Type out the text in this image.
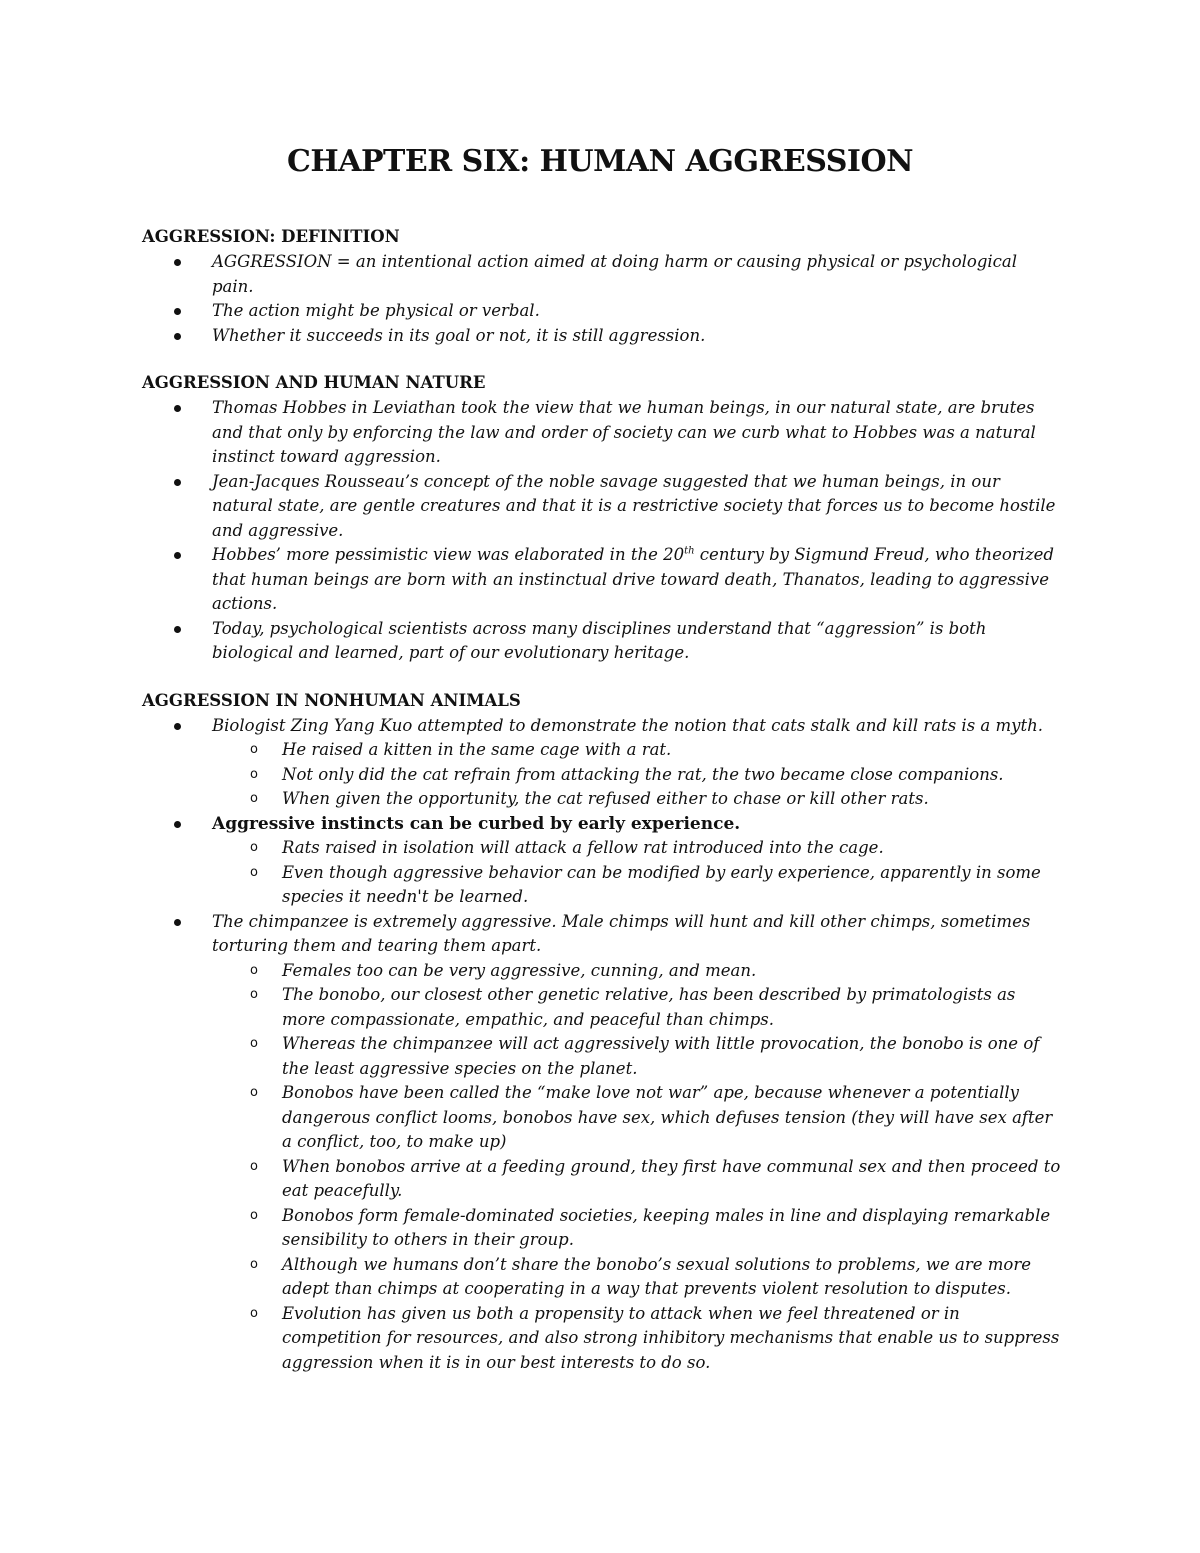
CHAPTER SIX: HUMAN AGGRESSION
AGGRESSION: DEFINITION
AGGRESSION = an intentional action aimed at doing harm or causing physical or psychological pain.
The action might be physical or verbal.
Whether it succeeds in its goal or not, it is still aggression.
AGGRESSION AND HUMAN NATURE
Thomas Hobbes in Leviathan took the view that we human beings, in our natural state, are brutes and that only by enforcing the law and order of society can we curb what to Hobbes was a natural instinct toward aggression.
Jean-Jacques Rousseau’s concept of the noble savage suggested that we human beings, in our natural state, are gentle creatures and that it is a restrictive society that forces us to become hostile and aggressive.
Hobbes’ more pessimistic view was elaborated in the 20th century by Sigmund Freud, who theorized that human beings are born with an instinctual drive toward death, Thanatos, leading to aggressive actions.
Today, psychological scientists across many disciplines understand that “aggression” is both biological and learned, part of our evolutionary heritage.
AGGRESSION IN NONHUMAN ANIMALS
Biologist Zing Yang Kuo attempted to demonstrate the notion that cats stalk and kill rats is a myth.
o He raised a kitten in the same cage with a rat.
o Not only did the cat refrain from attacking the rat, the two became close companions.
o When given the opportunity, the cat refused either to chase or kill other rats.
Aggressive instincts can be curbed by early experience.
o Rats raised in isolation will attack a fellow rat introduced into the cage.
o Even though aggressive behavior can be modified by early experience, apparently in some species it needn't be learned.
The chimpanzee is extremely aggressive. Male chimps will hunt and kill other chimps, sometimes torturing them and tearing them apart.
o Females too can be very aggressive, cunning, and mean.
o The bonobo, our closest other genetic relative, has been described by primatologists as more compassionate, empathic, and peaceful than chimps.
o Whereas the chimpanzee will act aggressively with little provocation, the bonobo is one of the least aggressive species on the planet.
o Bonobos have been called the “make love not war” ape, because whenever a potentially dangerous conflict looms, bonobos have sex, which defuses tension (they will have sex after a conflict, too, to make up)
o When bonobos arrive at a feeding ground, they first have communal sex and then proceed to eat peacefully.
o Bonobos form female-dominated societies, keeping males in line and displaying remarkable sensibility to others in their group.
o Although we humans don’t share the bonobo’s sexual solutions to problems, we are more adept than chimps at cooperating in a way that prevents violent resolution to disputes.
o Evolution has given us both a propensity to attack when we feel threatened or in competition for resources, and also strong inhibitory mechanisms that enable us to suppress aggression when it is in our best interests to do so.
